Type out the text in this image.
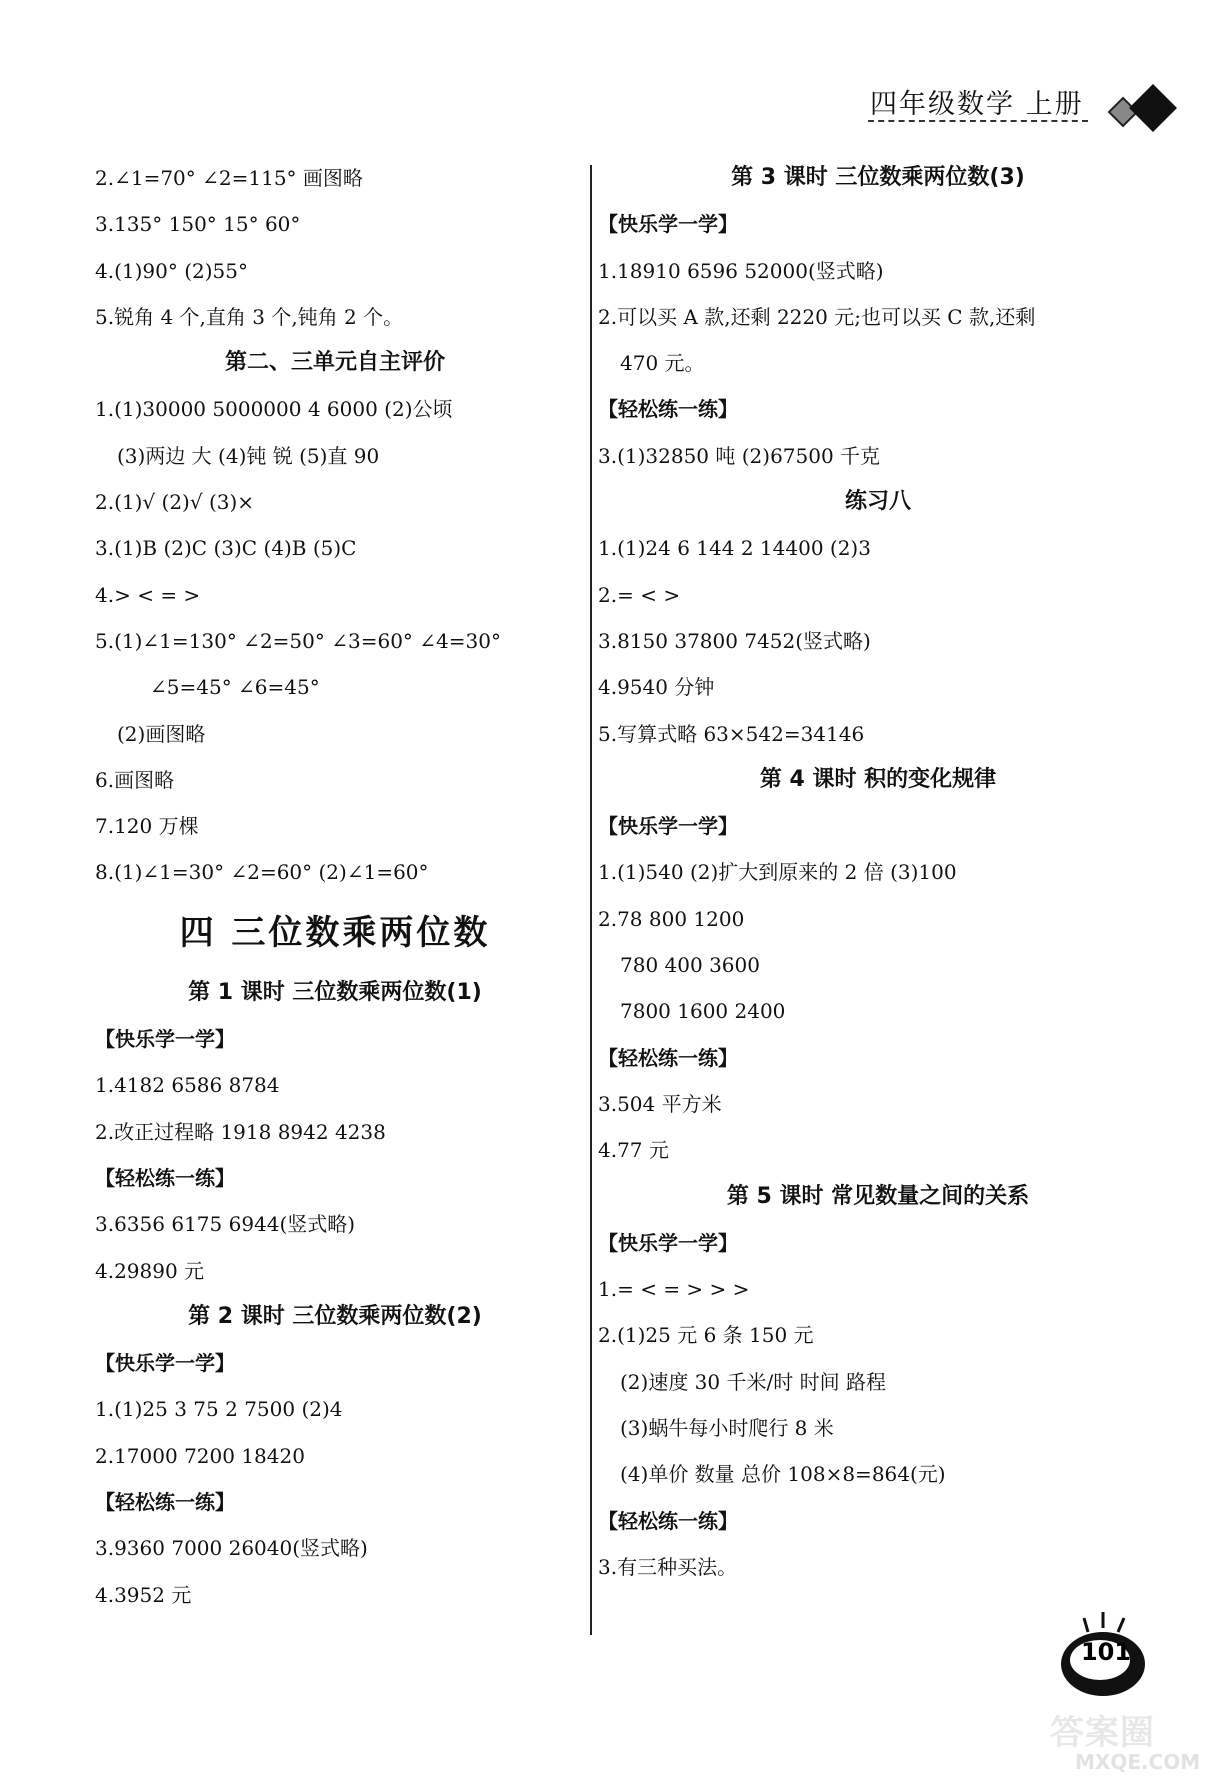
四年级数学 上册
2.∠1=70° ∠2=115° 画图略
3.135° 150° 15° 60°
4.(1)90° (2)55°
5.锐角 4 个,直角 3 个,钝角 2 个。
第二、三单元自主评价
1.(1)30000 5000000 4 6000 (2)公顷
(3)两边 大 (4)钝 锐 (5)直 90
2.(1)√ (2)√ (3)×
3.(1)B (2)C (3)C (4)B (5)C
4.> < = >
5.(1)∠1=130° ∠2=50° ∠3=60° ∠4=30°
∠5=45° ∠6=45°
(2)画图略
6.画图略
7.120 万棵
8.(1)∠1=30° ∠2=60° (2)∠1=60°
四 三位数乘两位数
第 1 课时 三位数乘两位数(1)
【快乐学一学】
1.4182 6586 8784
2.改正过程略 1918 8942 4238
【轻松练一练】
3.6356 6175 6944(竖式略)
4.29890 元
第 2 课时 三位数乘两位数(2)
【快乐学一学】
1.(1)25 3 75 2 7500 (2)4
2.17000 7200 18420
【轻松练一练】
3.9360 7000 26040(竖式略)
4.3952 元
第 3 课时 三位数乘两位数(3)
【快乐学一学】
1.18910 6596 52000(竖式略)
2.可以买 A 款,还剩 2220 元;也可以买 C 款,还剩
470 元。
【轻松练一练】
3.(1)32850 吨 (2)67500 千克
练习八
1.(1)24 6 144 2 14400 (2)3
2.= < >
3.8150 37800 7452(竖式略)
4.9540 分钟
5.写算式略 63×542=34146
第 4 课时 积的变化规律
【快乐学一学】
1.(1)540 (2)扩大到原来的 2 倍 (3)100
2.78 800 1200
780 400 3600
7800 1600 2400
【轻松练一练】
3.504 平方米
4.77 元
第 5 课时 常见数量之间的关系
【快乐学一学】
1.= < = > > >
2.(1)25 元 6 条 150 元
(2)速度 30 千米/时 时间 路程
(3)蜗牛每小时爬行 8 米
(4)单价 数量 总价 108×8=864(元)
【轻松练一练】
3.有三种买法。
101
答案圈
MXQE.COM
